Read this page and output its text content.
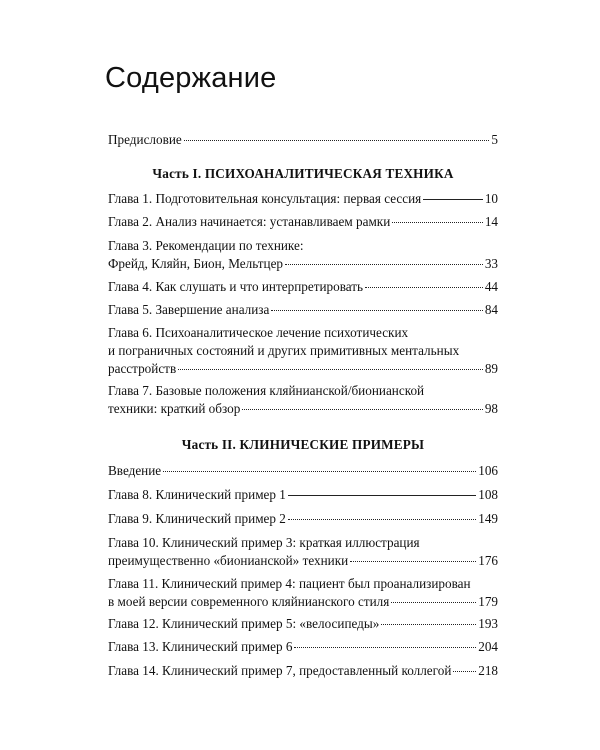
Содержание
Предисловие	5
Часть I. ПСИХОАНАЛИТИЧЕСКАЯ ТЕХНИКА
Глава 1. Подготовительная консультация: первая сессия	10
Глава 2. Анализ начинается: устанавливаем рамки	14
Глава 3. Рекомендации по технике:
Фрейд, Кляйн, Бион, Мельтцер	33
Глава 4. Как слушать и что интерпретировать	44
Глава 5. Завершение анализа	84
Глава 6. Психоаналитическое лечение психотических
и пограничных состояний и других примитивных ментальных
расстройств	89
Глава 7. Базовые положения кляйнианской/бионианской
техники: краткий обзор	98
Часть II. КЛИНИЧЕСКИЕ ПРИМЕРЫ
Введение	106
Глава 8. Клинический пример 1	108
Глава 9. Клинический пример 2	149
Глава 10. Клинический пример 3: краткая иллюстрация
преимущественно «бионианской» техники	176
Глава 11. Клинический пример 4: пациент был проанализирован
в моей версии современного кляйнианского стиля	179
Глава 12. Клинический пример 5: «велосипеды»	193
Глава 13. Клинический пример 6	204
Глава 14. Клинический пример 7, предоставленный коллегой 218
